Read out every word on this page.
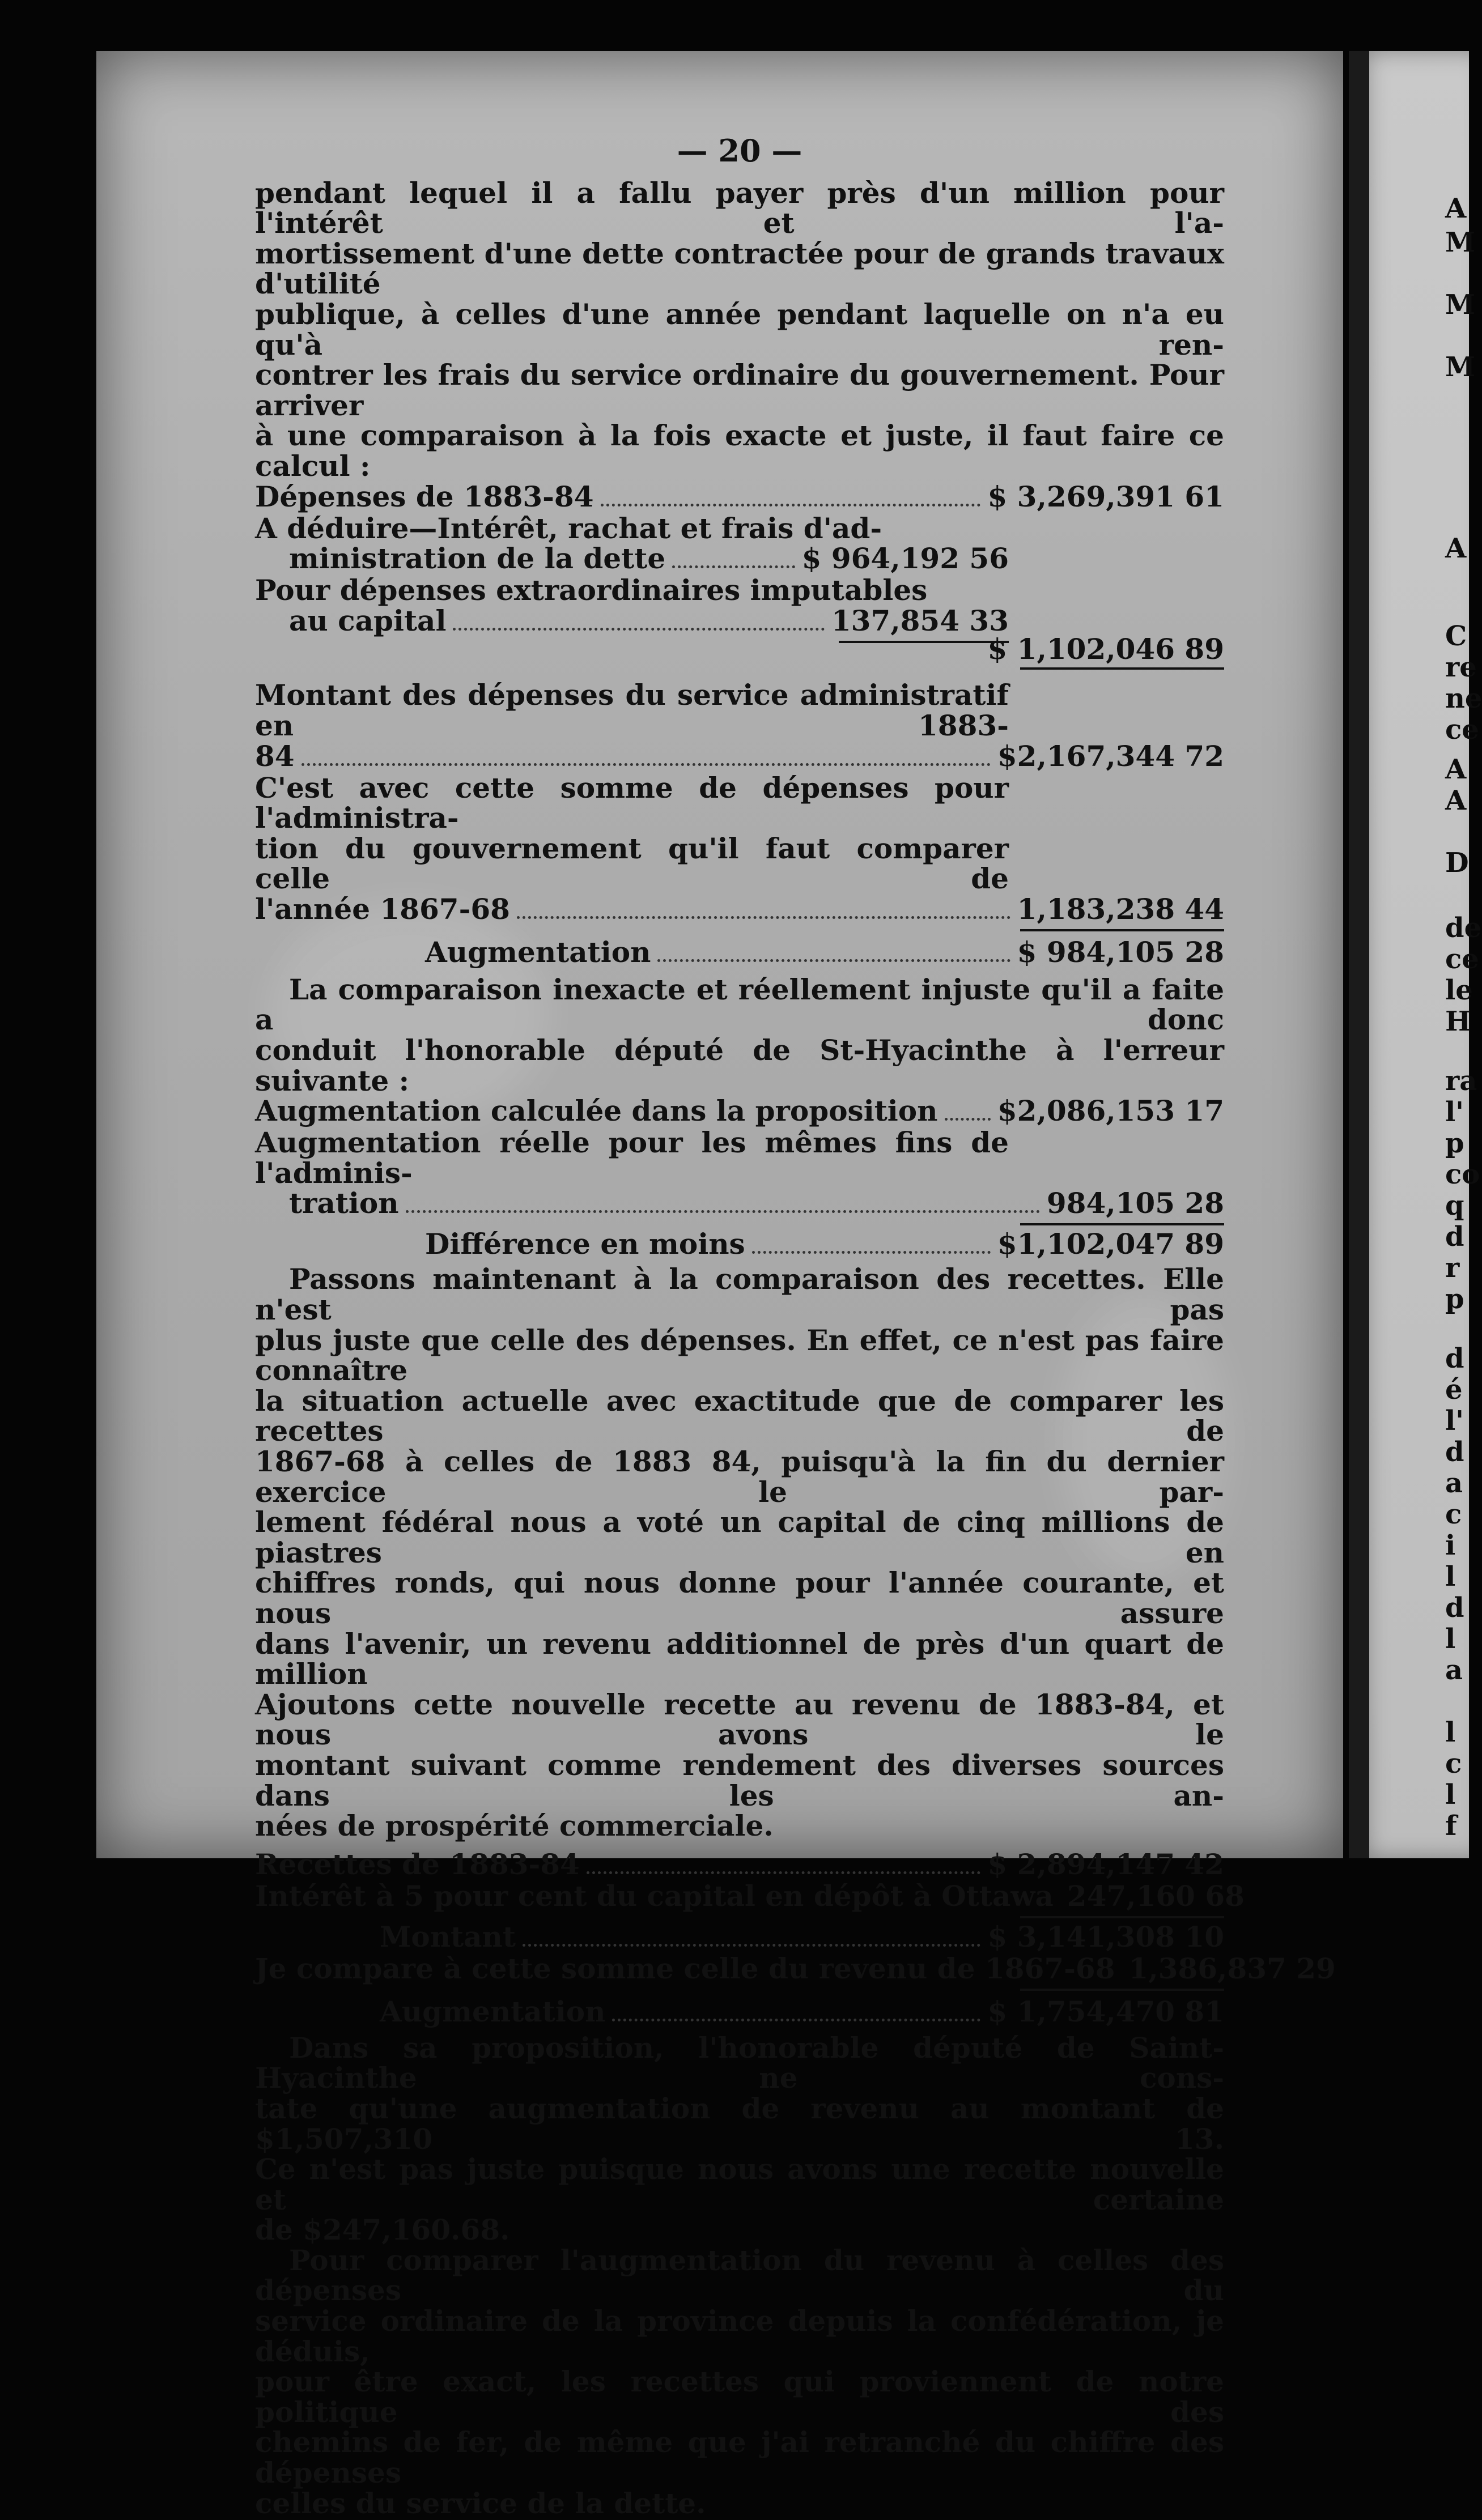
A
M
M
M
A
C
re
ne
ce
A
A
D
de
ce
le
H
ra
l'
p
co
q
d
r
p
d
é
l'
d
a
c
i
l
d
l
a
l
c
l
f
— 20 —

pendant lequel il a fallu payer près d'un million pour l'intérêt et l'a-

mortissement d'une dette contractée pour de grands travaux d'utilité

publique, à celles d'une année pendant laquelle on n'a eu qu'à ren-

contrer les frais du service ordinaire du gouvernement. Pour arriver

à une comparaison à la fois exacte et juste, il faut faire ce calcul :

Dépenses de 1883-84	$ 3,269,391 61
A déduire—Intérêt, rachat et frais d'ad-
ministration de la dette	$ 964,192 56
Pour dépenses extraordinaires imputables
au capital	137,854 33
$ 1,102,046 89

Montant des dépenses du service administratif en 1883-

84	$2,167,344 72

C'est avec cette somme de dépenses pour l'administra-

tion du gouvernement qu'il faut comparer celle de

l'année 1867-68	1,183,238 44
Augmentation	$ 984,105 28

La comparaison inexacte et réellement injuste qu'il a faite a donc

conduit l'honorable député de St-Hyacinthe à l'erreur suivante :

Augmentation calculée dans la proposition $2,086,153 17

Augmentation réelle pour les mêmes fins de l'adminis-

tration	984,105 28
Différence en moins	$1,102,047 89

Passons maintenant à la comparaison des recettes. Elle n'est pas

plus juste que celle des dépenses. En effet, ce n'est pas faire connaître

la situation actuelle avec exactitude que de comparer les recettes de

1867-68 à celles de 1883 84, puisqu'à la fin du dernier exercice le par-

lement fédéral nous a voté un capital de cinq millions de piastres en

chiffres ronds, qui nous donne pour l'année courante, et nous assure

dans l'avenir, un revenu additionnel de près d'un quart de million

Ajoutons cette nouvelle recette au revenu de 1883-84, et nous avons le

montant suivant comme rendement des diverses sources dans les an-

nées de prospérité commerciale.

Recettes de 1883-84	$ 2,894,147 42
Intérêt à 5 pour cent du capital en dépôt à Ottawa 247,160 68
Montant	$ 3,141,308 10
Je compare à cette somme celle du revenu de 1867-68 1,386,837 29
Augmentation	$ 1,754,470 81

Dans sa proposition, l'honorable député de Saint-Hyacinthe ne cons-

tate qu'une augmentation de revenu au montant de $1,507,310 13.

Ce n'est pas juste puisque nous avons une recette nouvelle et certaine

de $247,160.68.

Pour comparer l'augmentation du revenu à celles des dépenses du

service ordinaire de la province depuis la confédération, je déduis,

pour être exact, les recettes qui proviennent de notre politique des

chemins de fer, de même que j'ai retranché du chiffre des dépenses

celles du service de la dette.
